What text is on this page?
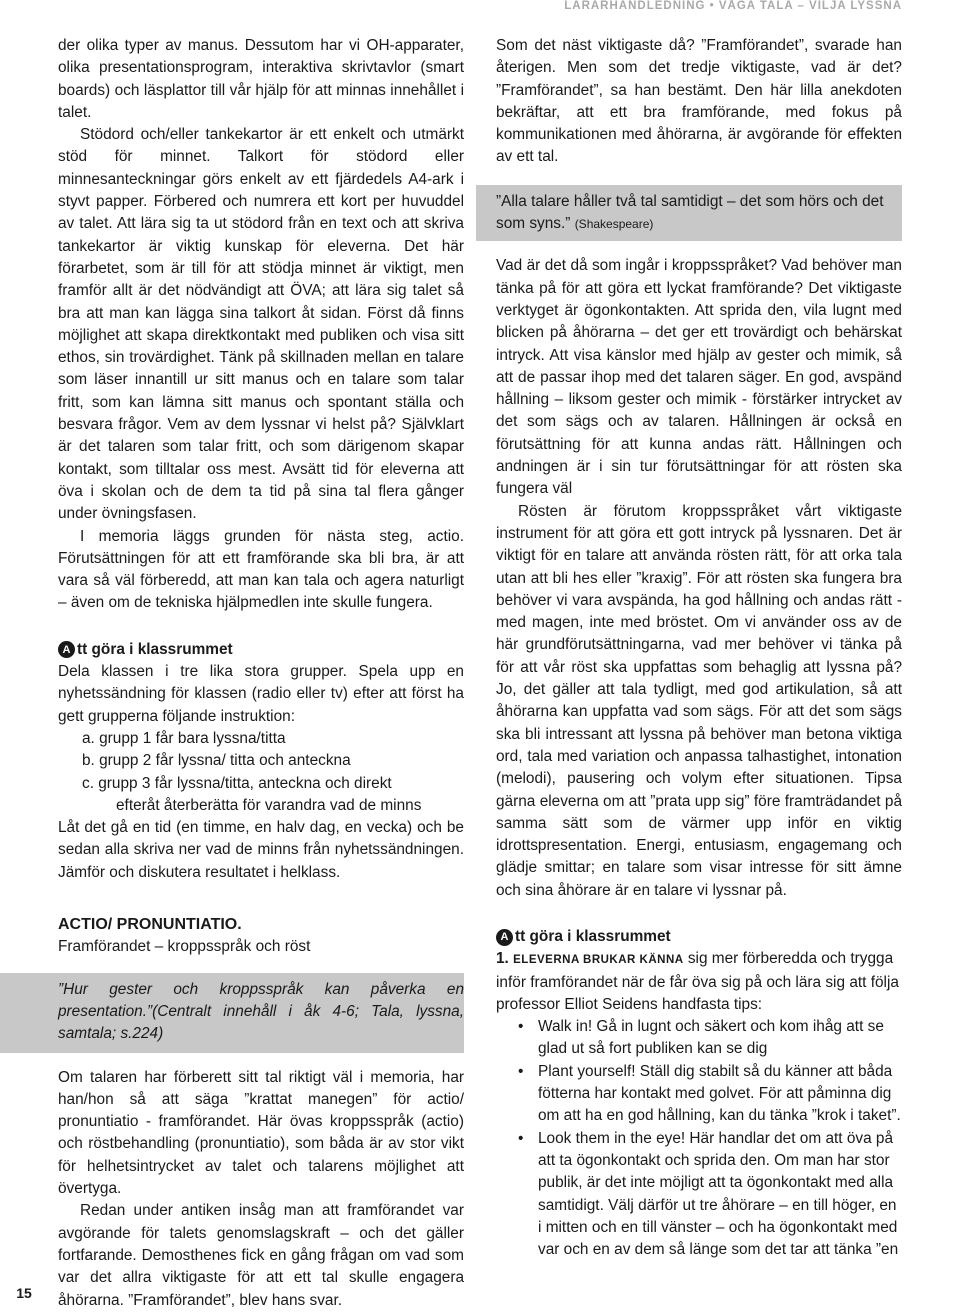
LÄRARHANDLEDNING • VÅGA TALA – VILJA LYSSNA
15

der olika typer av manus. Dessutom har vi OH-apparater, olika presentationsprogram, interaktiva skrivtavlor (smart boards) och läsplattor till vår hjälp för att minnas innehållet i talet.

Stödord och/eller tankekartor är ett enkelt och utmärkt stöd för minnet. Talkort för stödord eller minnesanteckningar görs enkelt av ett fjärdedels A4-ark i styvt papper. Förbered och numrera ett kort per huvuddel av talet. Att lära sig ta ut stödord från en text och att skriva tankekartor är viktig kunskap för eleverna. Det här förarbetet, som är till för att stödja minnet är viktigt, men framför allt är det nödvändigt att ÖVA; att lära sig talet så bra att man kan lägga sina talkort åt sidan. Först då finns möjlighet att skapa direktkontakt med publiken och visa sitt ethos, sin trovärdighet. Tänk på skillnaden mellan en talare som läser innantill ur sitt manus och en talare som talar fritt, som kan lämna sitt manus och spontant ställa och besvara frågor. Vem av dem lyssnar vi helst på? Självklart är det talaren som talar fritt, och som därigenom skapar kontakt, som tilltalar oss mest. Avsätt tid för eleverna att öva i skolan och de dem ta tid på sina tal flera gånger under övningsfasen.

I memoria läggs grunden för nästa steg, actio. Förutsättningen för att ett framförande ska bli bra, är att vara så väl förberedd, att man kan tala och agera naturligt – även om de tekniska hjälpmedlen inte skulle fungera.

A tt göra i klassrummet

Dela klassen i tre lika stora grupper. Spela upp en nyhetssändning för klassen (radio eller tv) efter att först ha gett grupperna följande instruktion:

a. grupp 1 får bara lyssna/titta
b. grupp 2 får lyssna/ titta och anteckna
c. grupp 3 får lyssna/titta, anteckna och direkt
efteråt återberätta för varandra vad de minns

Låt det gå en tid (en timme, en halv dag, en vecka) och be sedan alla skriva ner vad de minns från nyhetssändningen. Jämför och diskutera resultatet i helklass.

ACTIO/ PRONUNTIATIO.
Framförandet – kroppsspråk och röst
”Hur gester och kroppsspråk kan påverka en presentation.”(Centralt innehåll i åk 4-6; Tala, lyssna, samtala; s.224)

Om talaren har förberett sitt tal riktigt väl i memoria, har han/hon så att säga ”krattat manegen” för actio/ pronuntiatio - framförandet. Här övas kroppsspråk (actio) och röstbehandling (pronuntiatio), som båda är av stor vikt för helhetsintrycket av talet och talarens möjlighet att övertyga.

Redan under antiken insåg man att framförandet var avgörande för talets genomslagskraft – och det gäller fortfarande. Demosthenes fick en gång frågan om vad som var det allra viktigaste för att ett tal skulle engagera åhörarna. ”Framförandet”, blev hans svar.

Som det näst viktigaste då? ”Framförandet”, svarade han återigen. Men som det tredje viktigaste, vad är det? ”Framförandet”, sa han bestämt. Den här lilla anekdoten bekräftar, att ett bra framförande, med fokus på kommunikationen med åhörarna, är avgörande för effekten av ett tal.

”Alla talare håller två tal samtidigt – det som hörs och det som syns.” (Shakespeare)

Vad är det då som ingår i kroppsspråket? Vad behöver man tänka på för att göra ett lyckat framförande? Det viktigaste verktyget är ögonkontakten. Att sprida den, vila lugnt med blicken på åhörarna – det ger ett trovärdigt och behärskat intryck. Att visa känslor med hjälp av gester och mimik, så att de passar ihop med det talaren säger. En god, avspänd hållning – liksom gester och mimik - förstärker intrycket av det som sägs och av talaren. Hållningen är också en förutsättning för att kunna andas rätt. Hållningen och andningen är i sin tur förutsättningar för att rösten ska fungera väl

Rösten är förutom kroppsspråket vårt viktigaste instrument för att göra ett gott intryck på lyssnaren. Det är viktigt för en talare att använda rösten rätt, för att orka tala utan att bli hes eller ”kraxig”. För att rösten ska fungera bra behöver vi vara avspända, ha god hållning och andas rätt - med magen, inte med bröstet. Om vi använder oss av de här grundförutsättningarna, vad mer behöver vi tänka på för att vår röst ska uppfattas som behaglig att lyssna på? Jo, det gäller att tala tydligt, med god artikulation, så att åhörarna kan uppfatta vad som sägs. För att det som sägs ska bli intressant att lyssna på behöver man betona viktiga ord, tala med variation och anpassa talhastighet, intonation (melodi), pausering och volym efter situationen. Tipsa gärna eleverna om att ”prata upp sig” före framträdandet på samma sätt som de värmer upp inför en viktig idrottspresentation. Energi, entusiasm, engagemang och glädje smittar; en talare som visar intresse för sitt ämne och sina åhörare är en talare vi lyssnar på.

A tt göra i klassrummet

1. ELEVERNA BRUKAR KÄNNA sig mer förberedda och trygga inför framförandet när de får öva sig på och lära sig att följa professor Elliot Seidens handfasta tips:

• Walk in! Gå in lugnt och säkert och kom ihåg att se glad ut så fort publiken kan se dig
• Plant yourself! Ställ dig stabilt så du känner att båda fötterna har kontakt med golvet. För att påminna dig om att ha en god hållning, kan du tänka ”krok i taket”.
• Look them in the eye! Här handlar det om att öva på att ta ögonkontakt och sprida den. Om man har stor publik, är det inte möjligt att ta ögonkontakt med alla samtidigt. Välj därför ut tre åhörare – en till höger, en i mitten och en till vänster – och ha ögonkontakt med var och en av dem så länge som det tar att tänka ”en
